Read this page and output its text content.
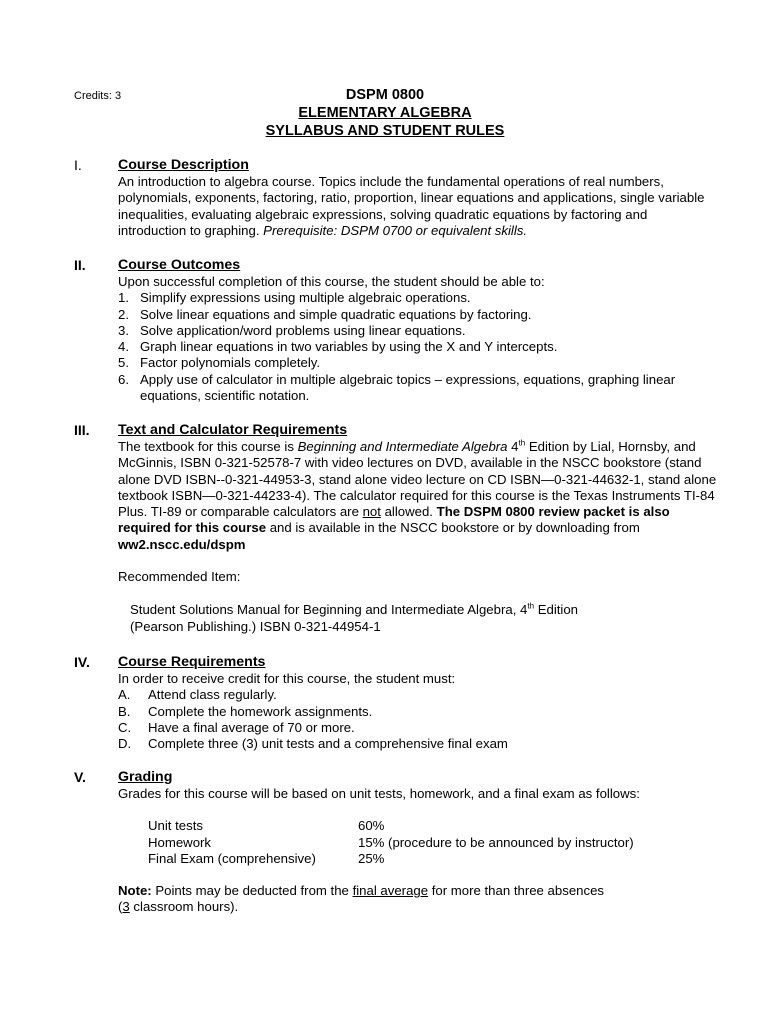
Credits: 3	DSPM 0800
ELEMENTARY ALGEBRA
SYLLABUS AND STUDENT RULES
I.	Course Description

An introduction to algebra course. Topics include the fundamental operations of real numbers, polynomials, exponents, factoring, ratio, proportion, linear equations and applications, single variable inequalities, evaluating algebraic expressions, solving quadratic equations by factoring and introduction to graphing. Prerequisite: DSPM 0700 or equivalent skills.

II. Course Outcomes

Upon successful completion of this course, the student should be able to:

1. Simplify expressions using multiple algebraic operations.
2. Solve linear equations and simple quadratic equations by factoring.
3. Solve application/word problems using linear equations.
4. Graph linear equations in two variables by using the X and Y intercepts.
5. Factor polynomials completely.
6. Apply use of calculator in multiple algebraic topics – expressions, equations, graphing linear equations, scientific notation.
III. Text and Calculator Requirements

The textbook for this course is Beginning and Intermediate Algebra 4th Edition by Lial, Hornsby, and McGinnis, ISBN 0-321-52578-7 with video lectures on DVD, available in the NSCC bookstore (stand alone DVD ISBN--0-321-44953-3, stand alone video lecture on CD ISBN—0-321-44632-1, stand alone textbook ISBN—0-321-44233-4). The calculator required for this course is the Texas Instruments TI-84 Plus. TI-89 or comparable calculators are not allowed. The DSPM 0800 review packet is also required for this course and is available in the NSCC bookstore or by downloading from ww2.nscc.edu/dspm

Recommended Item:

Student Solutions Manual for Beginning and Intermediate Algebra, 4th Edition
(Pearson Publishing.) ISBN 0-321-44954-1
IV. Course Requirements

In order to receive credit for this course, the student must:

A. Attend class regularly.
B. Complete the homework assignments.
C. Have a final average of 70 or more.
D. Complete three (3) unit tests and a comprehensive final exam
V. Grading

Grades for this course will be based on unit tests, homework, and a final exam as follows:

Unit tests	60%
Homework	15% (procedure to be announced by instructor)
Final Exam (comprehensive)	25%

Note: Points may be deducted from the final average for more than three absences
(3 classroom hours).
